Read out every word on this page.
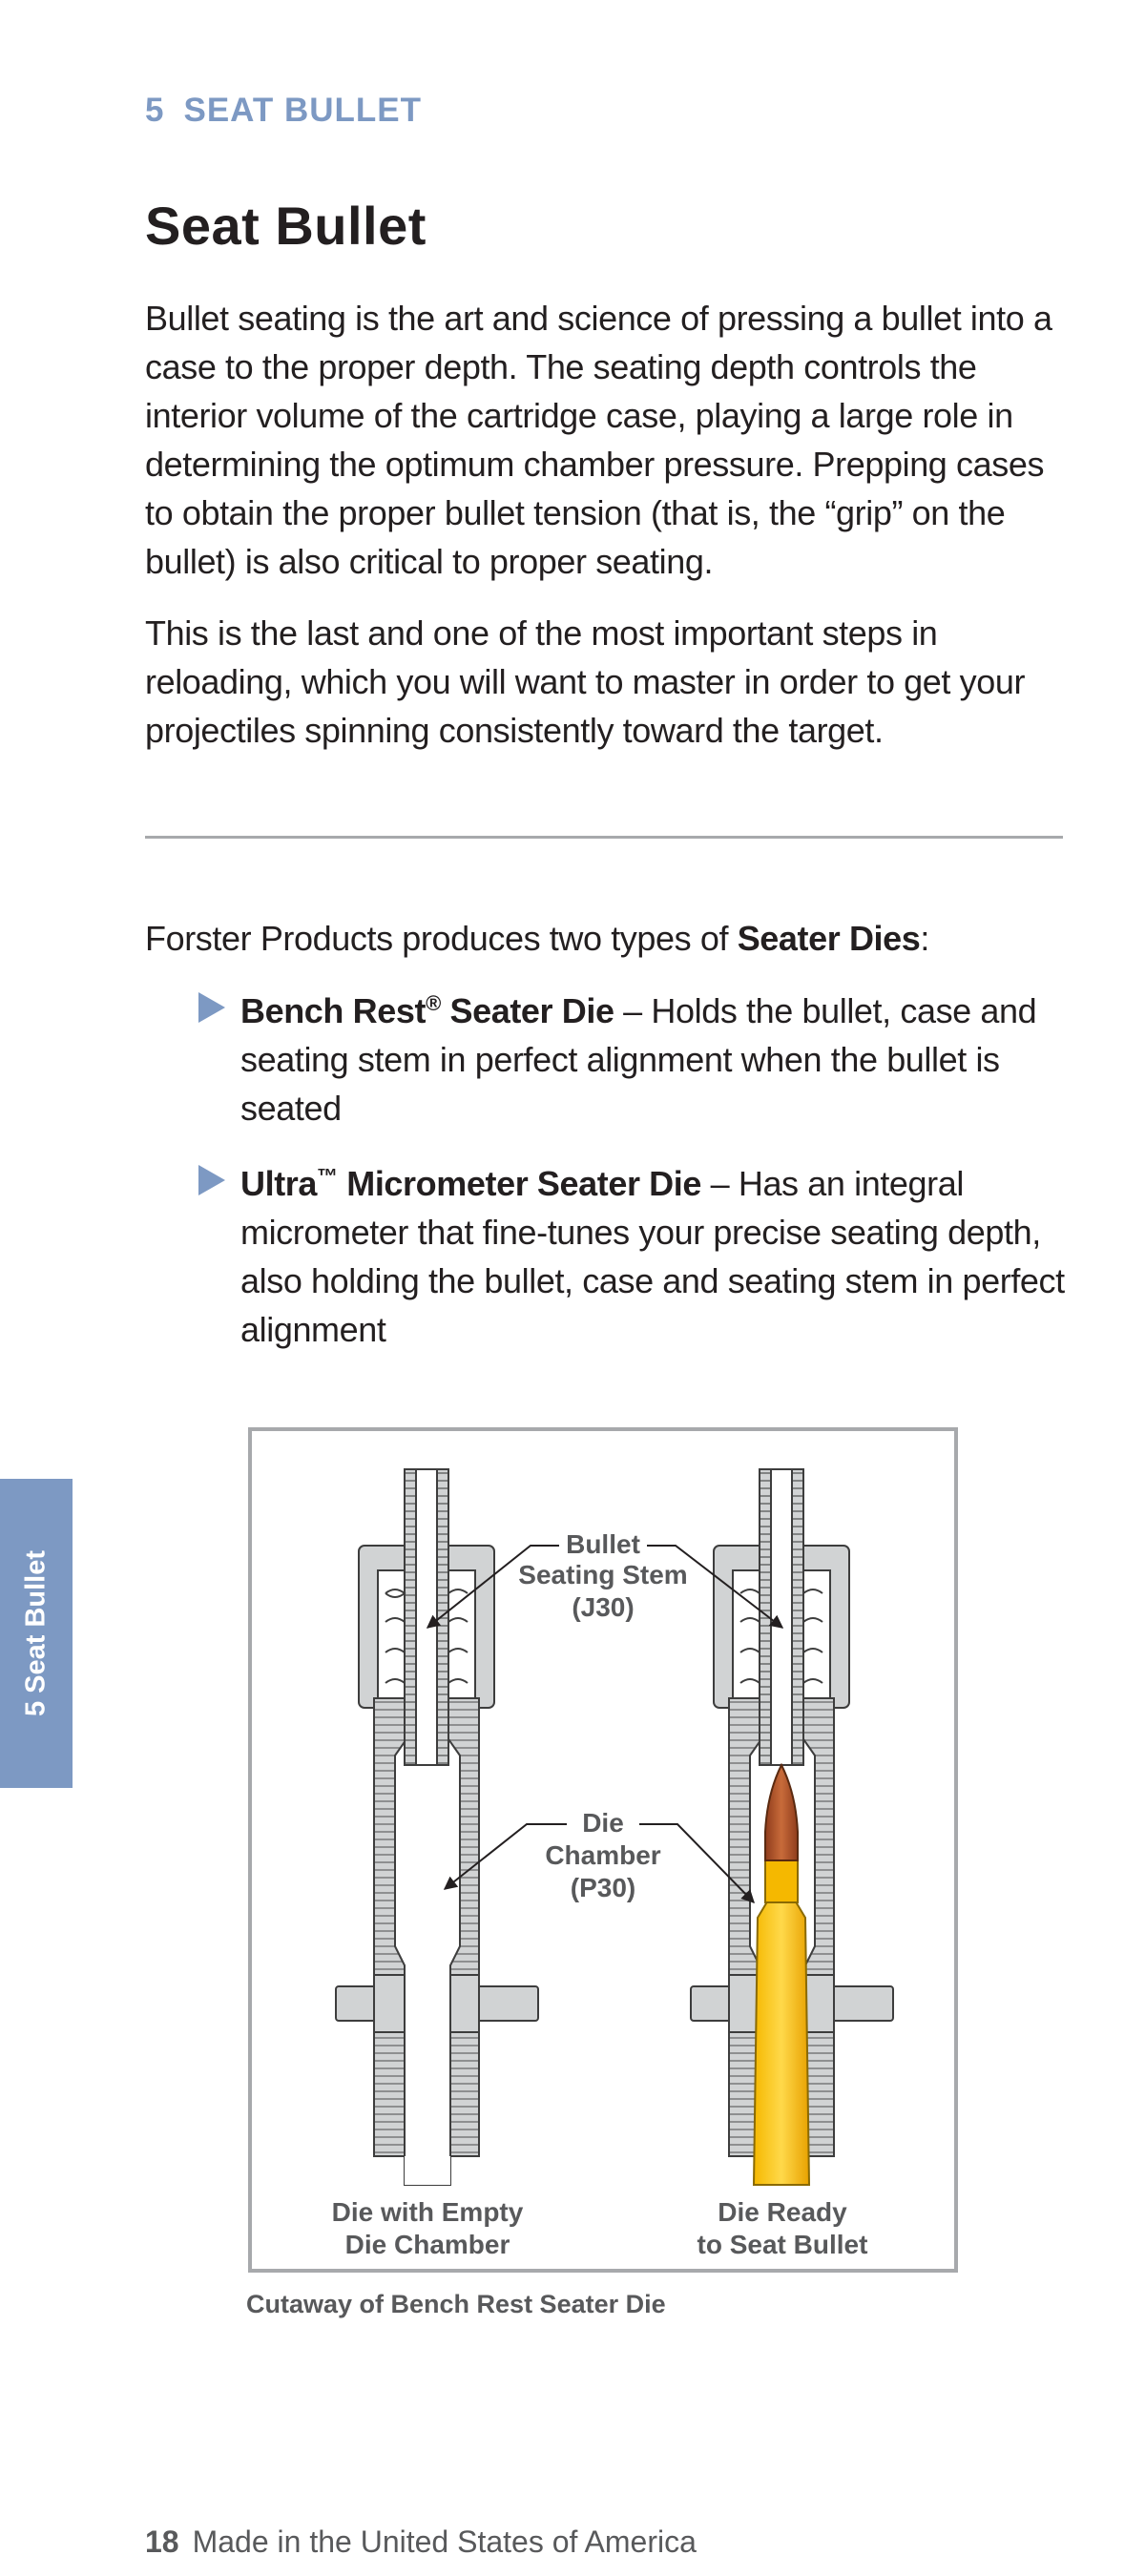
5 SEAT BULLET
Seat Bullet

Bullet seating is the art and science of pressing a bullet into a case to the proper depth. The seating depth controls the interior volume of the cartridge case, playing a large role in determining the optimum chamber pressure. Prepping cases to obtain the proper bullet tension (that is, the “grip” on the bullet) is also critical to proper seating.

This is the last and one of the most important steps in reloading, which you will want to master in order to get your projectiles spinning consistently toward the target.

Forster Products produces two types of Seater Dies:

Bench Rest® Seater Die – Holds the bullet, case and seating stem in perfect alignment when the bullet is seated
Ultra™ Micrometer Seater Die – Has an integral micrometer that fine-tunes your precise seating depth, also holding the bullet, case and seating stem in perfect alignment
Bullet
Seating Stem
(J30)
Die
Chamber
(P30)
Die with Empty
Die Chamber
Die Ready
to Seat Bullet
Cutaway of Bench Rest Seater Die
5 Seat Bullet
18 Made in the United States of America
